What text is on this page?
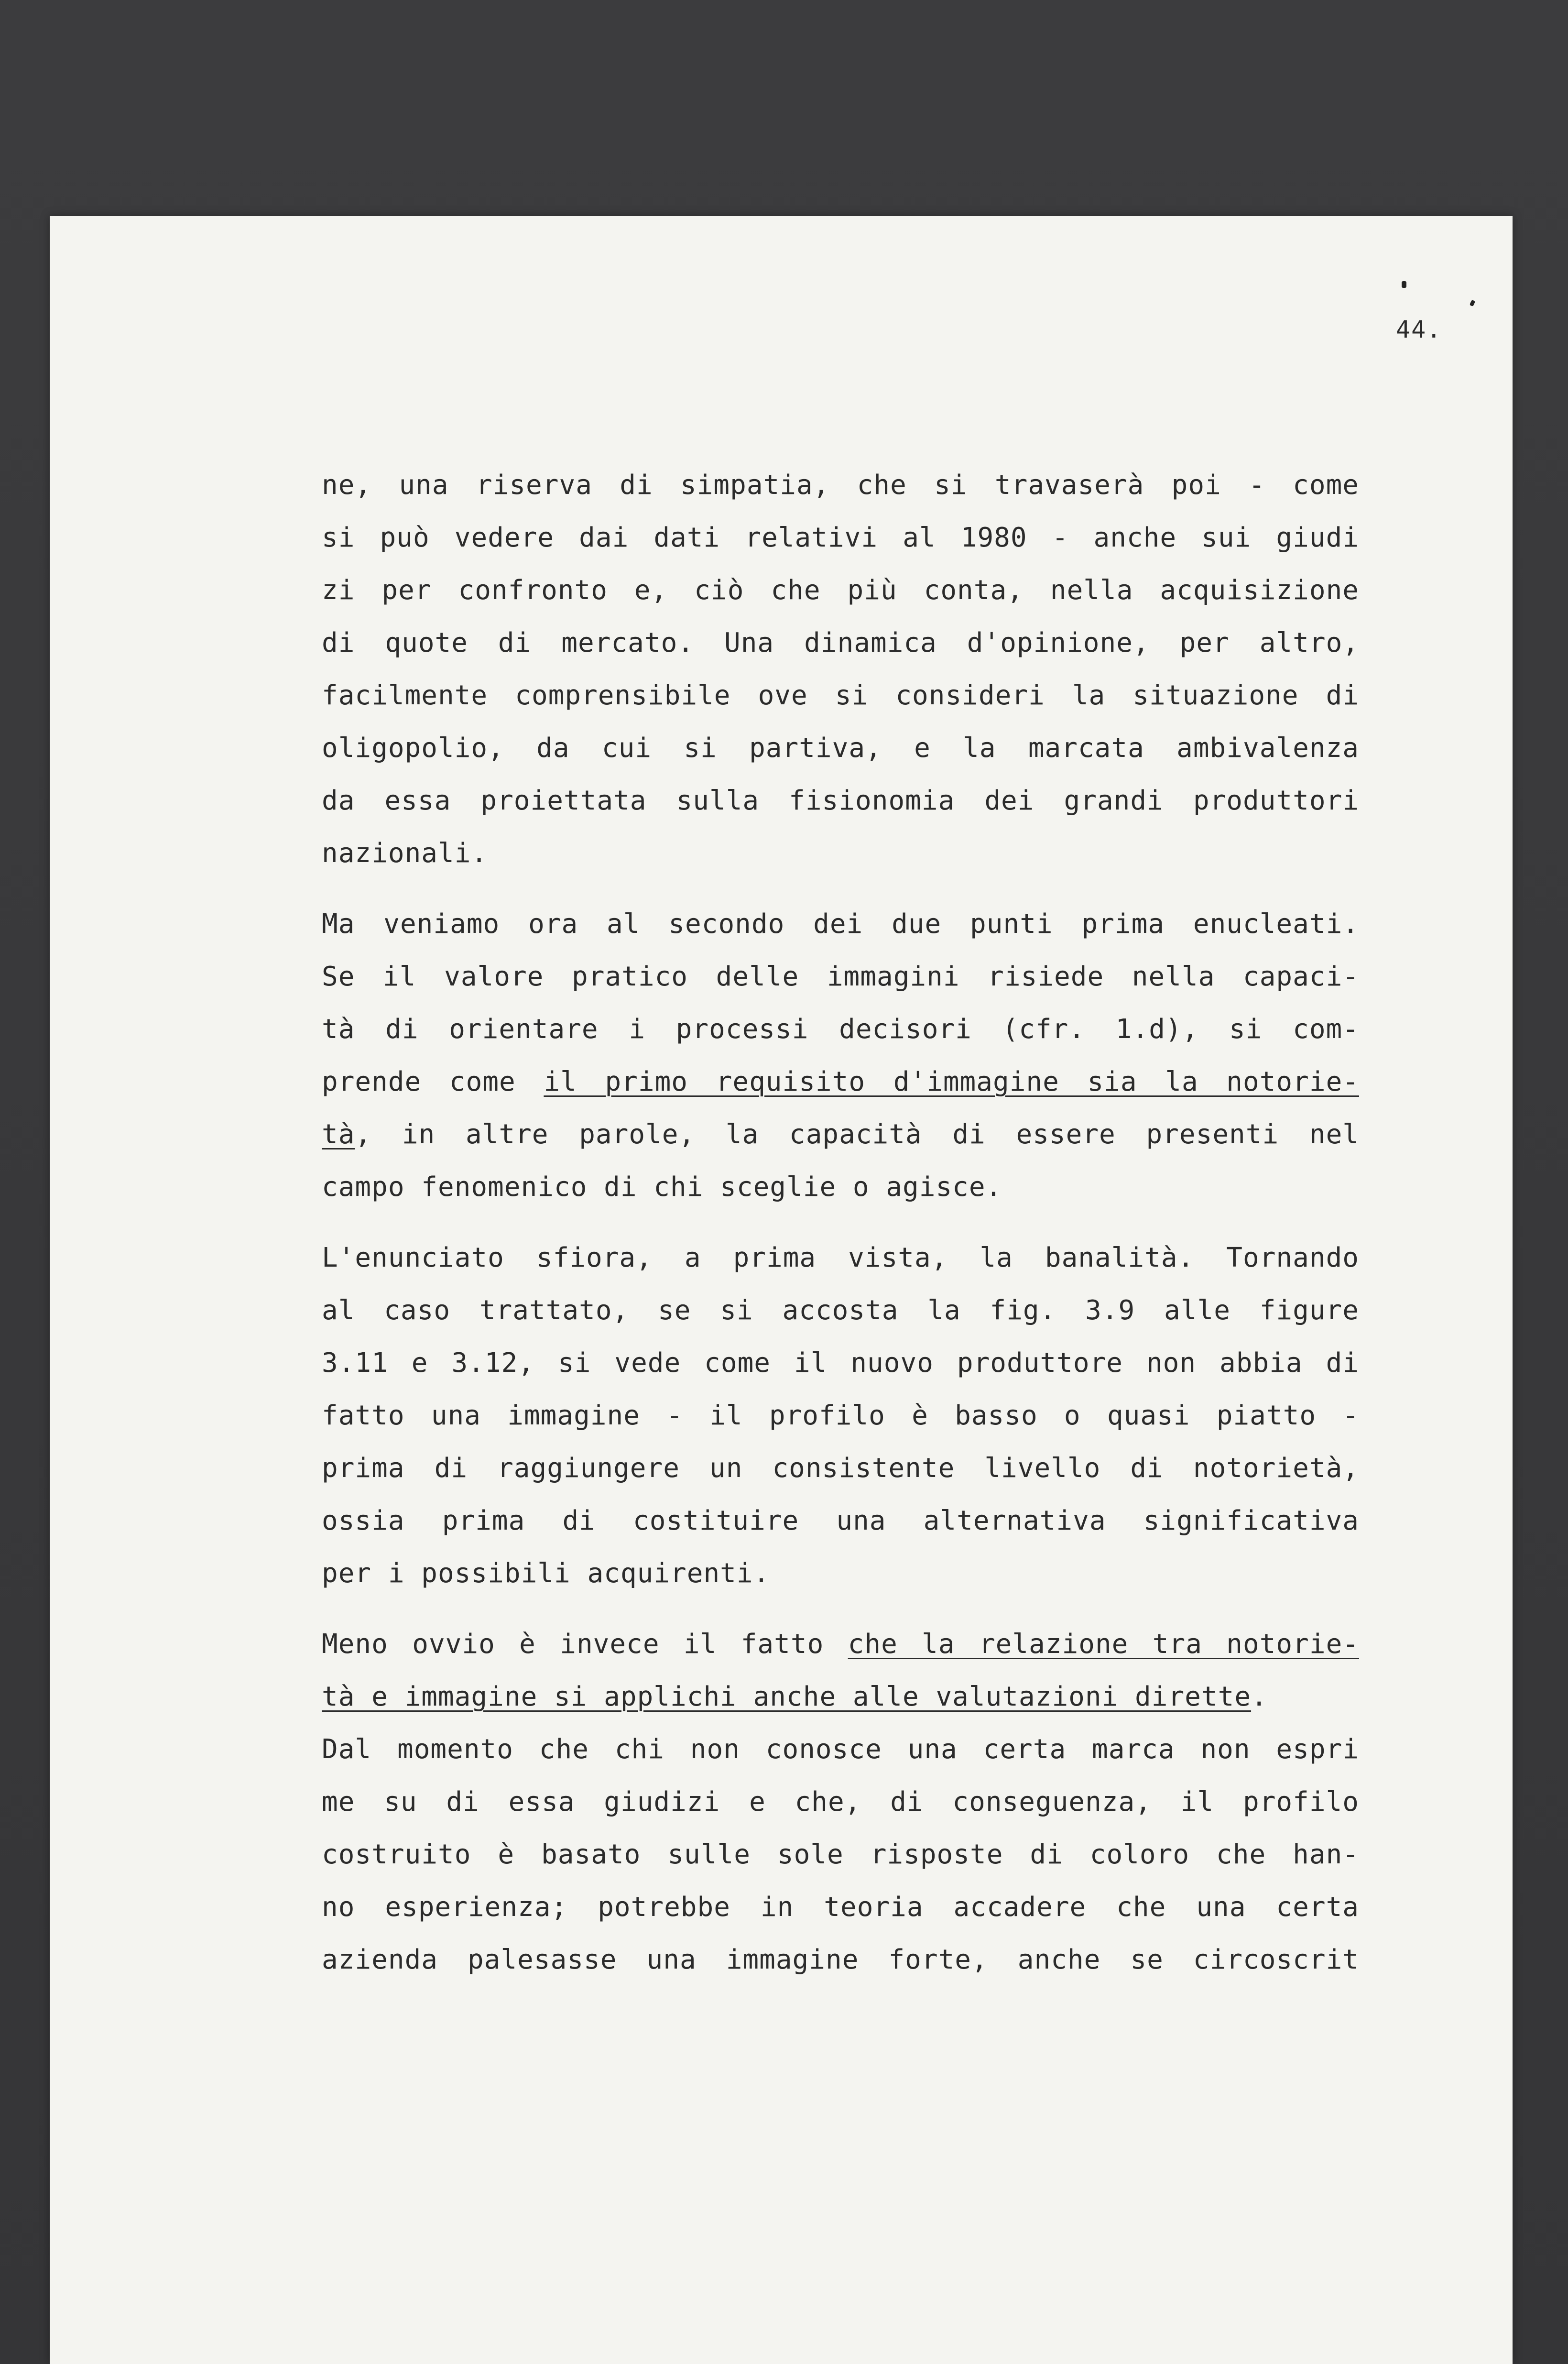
44.
ne, una riserva di simpatia, che si travaserà poi - come
si può vedere dai dati relativi al 1980 - anche sui giudi
zi per confronto e, ciò che più conta, nella acquisizione
di quote di mercato. Una dinamica d'opinione, per altro,
facilmente comprensibile ove si consideri la situazione di
oligopolio, da cui si partiva, e la marcata ambivalenza
da essa proiettata sulla fisionomia dei grandi produttori
nazionali.
Ma veniamo ora al secondo dei due punti prima enucleati.
Se il valore pratico delle immagini risiede nella capaci-
tà di orientare i processi decisori (cfr. 1.d), si com-
prende come il primo requisito d'immagine sia la notorie-
tà, in altre parole, la capacità di essere presenti nel
campo fenomenico di chi sceglie o agisce.
L'enunciato sfiora, a prima vista, la banalità. Tornando
al caso trattato, se si accosta la fig. 3.9 alle figure
3.11 e 3.12, si vede come il nuovo produttore non abbia di
fatto una immagine - il profilo è basso o quasi piatto -
prima di raggiungere un consistente livello di notorietà,
ossia prima di costituire una alternativa significativa
per i possibili acquirenti.
Meno ovvio è invece il fatto che la relazione tra notorie-
tà e immagine si applichi anche alle valutazioni dirette.
Dal momento che chi non conosce una certa marca non espri
me su di essa giudizi e che, di conseguenza, il profilo
costruito è basato sulle sole risposte di coloro che han-
no esperienza; potrebbe in teoria accadere che una certa
azienda palesasse una immagine forte, anche se circoscrit
